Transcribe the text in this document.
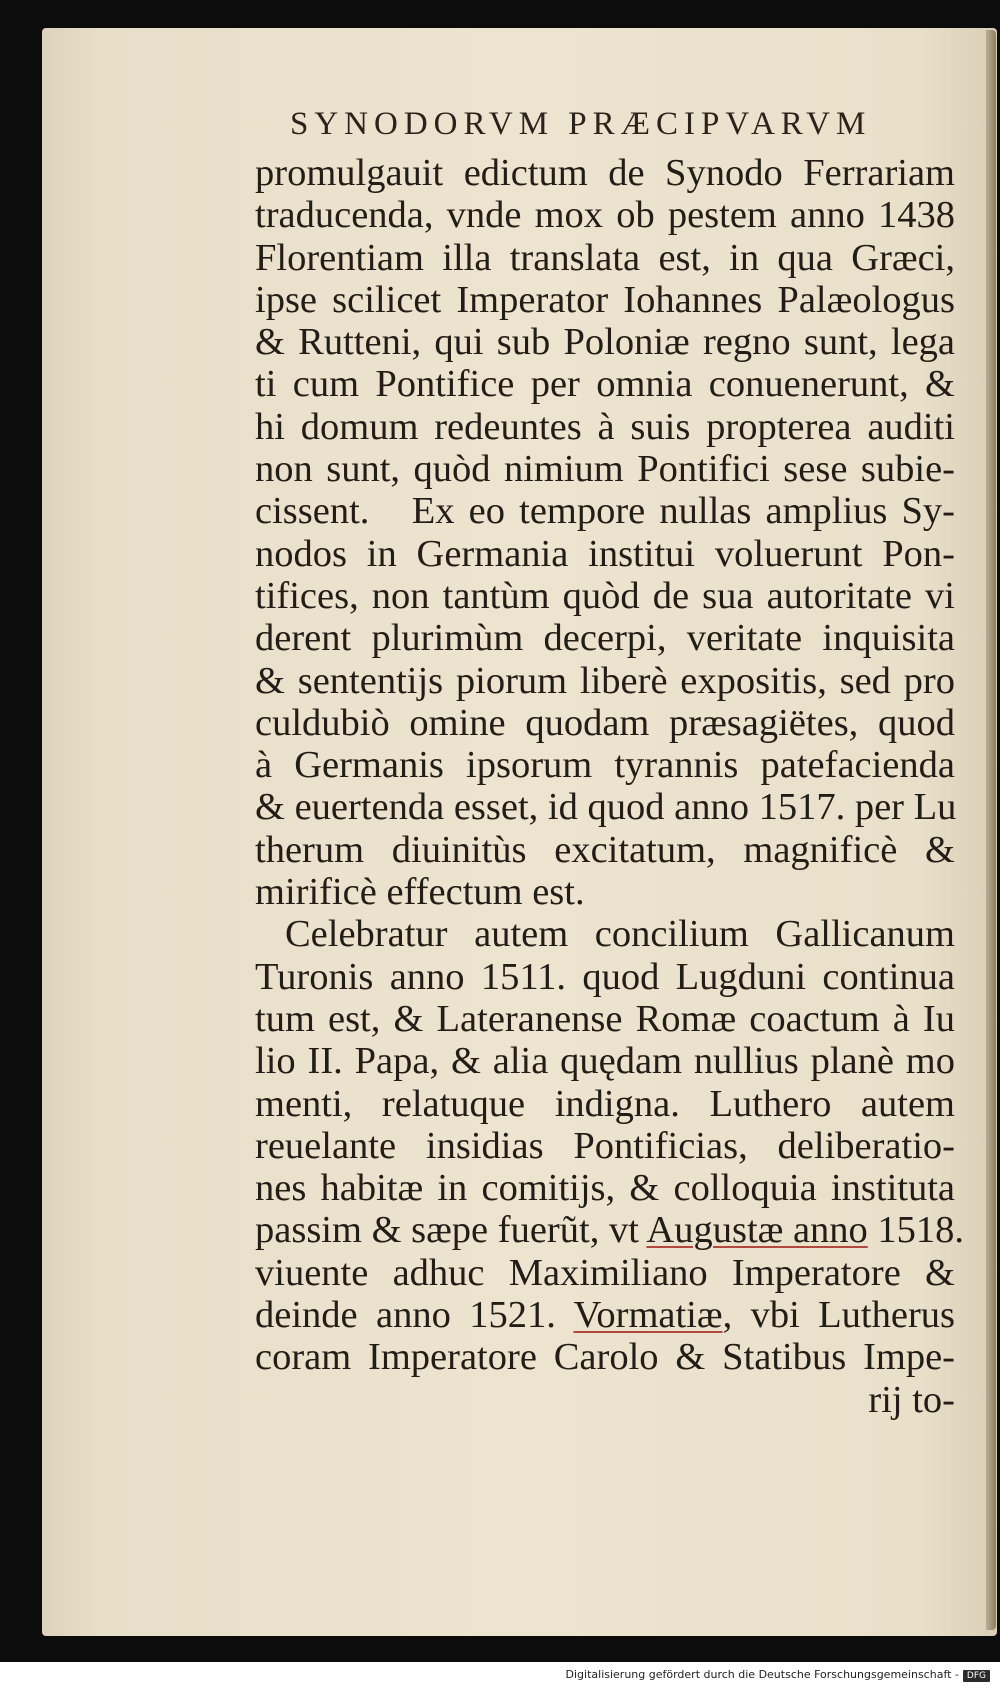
SYNODORVM PRÆCIPVARVM
promulgauit edictum de Synodo Ferrariam
traducenda, vnde mox ob pestem anno 1438
Florentiam illa translata est, in qua Græci,
ipse scilicet Imperator Iohannes Palæologus
& Rutteni, qui sub Poloniæ regno sunt, lega
ti cum Pontifice per omnia conuenerunt, &
hi domum redeuntes à suis propterea auditi
non sunt, quòd nimium Pontifici sese subie-
cissent.   Ex eo tempore nullas amplius Sy-
nodos in Germania institui voluerunt Pon-
tifices, non tantùm quòd de sua autoritate vi
derent plurimùm decerpi, veritate inquisita
& sententijs piorum liberè expositis, sed pro
culdubiò omine quodam præsagiëtes, quod
à Germanis ipsorum tyrannis patefacienda
& euertenda esset, id quod anno 1517. per Lu
therum diuinitùs excitatum, magnificè &
mirificè effectum est.
Celebratur autem concilium Gallicanum
Turonis anno 1511. quod Lugduni continua
tum est, & Lateranense Romæ coactum à Iu
lio II. Papa, & alia quędam nullius planè mo
menti, relatuque indigna. Luthero autem
reuelante insidias Pontificias, deliberatio-
nes habitæ in comitijs, & colloquia instituta
passim & sæpe fuerũt, vt Augustæ anno 1518.
viuente adhuc Maximiliano Imperatore &
deinde anno 1521. Vormatiæ, vbi Lutherus
coram Imperatore Carolo & Statibus Impe-
rij to-
Digitalisierung gefördert durch die Deutsche Forschungsgemeinschaft - DFG
